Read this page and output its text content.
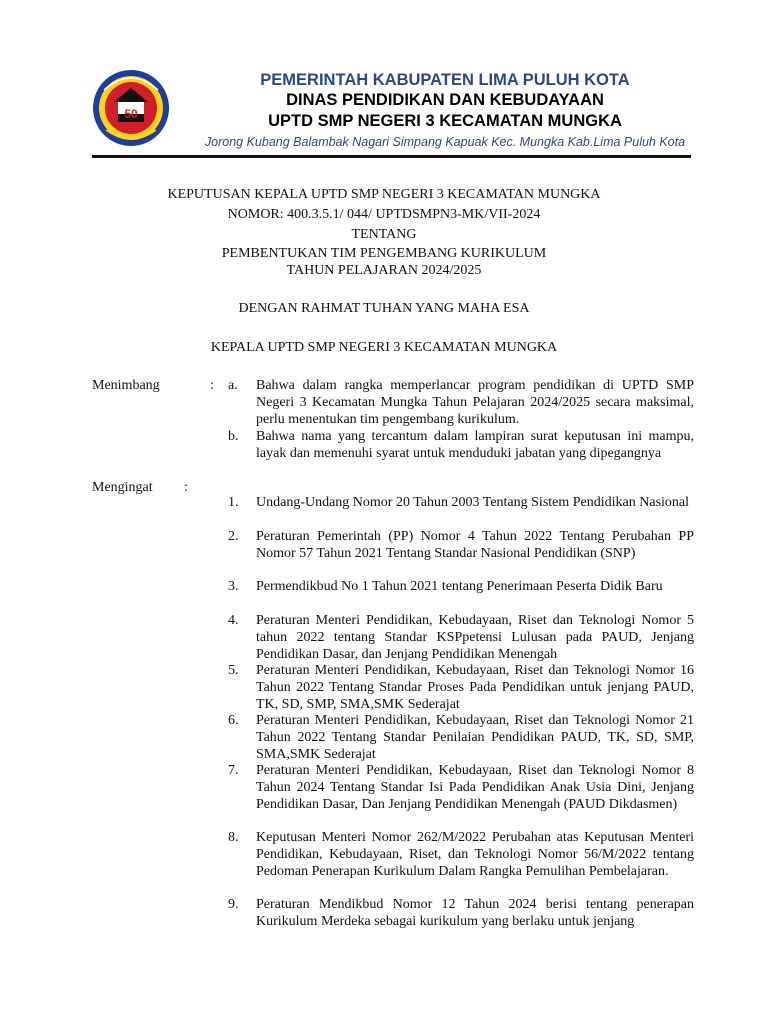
50
PEMERINTAH KABUPATEN LIMA PULUH KOTA
DINAS PENDIDIKAN DAN KEBUDAYAAN
UPTD SMP NEGERI 3 KECAMATAN MUNGKA
Jorong Kubang Balambak Nagari Simpang Kapuak Kec. Mungka Kab.Lima Puluh Kota
KEPUTUSAN KEPALA UPTD SMP NEGERI 3 KECAMATAN MUNGKA
NOMOR: 400.3.5.1/ 044/ UPTDSMPN3-MK/VII-2024
TENTANG
PEMBENTUKAN TIM PENGEMBANG KURIKULUM
TAHUN PELAJARAN 2024/2025
DENGAN RAHMAT TUHAN YANG MAHA ESA
KEPALA UPTD SMP NEGERI 3 KECAMATAN MUNGKA
Menimbang	: a. Bahwa dalam rangka memperlancar program pendidikan di UPTD SMP Negeri 3 Kecamatan Mungka Tahun Pelajaran 2024/2025 secara maksimal, perlu menentukan tim pengembang kurikulum.
b. Bahwa nama yang tercantum dalam lampiran surat keputusan ini mampu, layak dan memenuhi syarat untuk menduduki jabatan yang dipegangnya
Mengingat :
1. Undang-Undang Nomor 20 Tahun 2003 Tentang Sistem Pendidikan Nasional
2. Peraturan Pemerintah (PP) Nomor 4 Tahun 2022 Tentang Perubahan PP Nomor 57 Tahun 2021 Tentang Standar Nasional Pendidikan (SNP)
3. Permendikbud No 1 Tahun 2021 tentang Penerimaan Peserta Didik Baru
4. Peraturan Menteri Pendidikan, Kebudayaan, Riset dan Teknologi Nomor 5 tahun 2022 tentang Standar KSPpetensi Lulusan pada PAUD, Jenjang Pendidikan Dasar, dan Jenjang Pendidikan Menengah
5. Peraturan Menteri Pendidikan, Kebudayaan, Riset dan Teknologi Nomor 16 Tahun 2022 Tentang Standar Proses Pada Pendidikan untuk jenjang PAUD, TK, SD, SMP, SMA,SMK Sederajat
6. Peraturan Menteri Pendidikan, Kebudayaan, Riset dan Teknologi Nomor 21 Tahun 2022 Tentang Standar Penilaian Pendidikan PAUD, TK, SD, SMP, SMA,SMK Sederajat
7. Peraturan Menteri Pendidikan, Kebudayaan, Riset dan Teknologi Nomor 8 Tahun 2024 Tentang Standar Isi Pada Pendidikan Anak Usia Dini, Jenjang Pendidikan Dasar, Dan Jenjang Pendidikan Menengah (PAUD Dikdasmen)
8. Keputusan Menteri Nomor 262/M/2022 Perubahan atas Keputusan Menteri Pendidikan, Kebudayaan, Riset, dan Teknologi Nomor 56/M/2022 tentang Pedoman Penerapan Kurikulum Dalam Rangka Pemulihan Pembelajaran.
9. Peraturan Mendikbud Nomor 12 Tahun 2024 berisi tentang penerapan Kurikulum Merdeka sebagai kurikulum yang berlaku untuk jenjang
